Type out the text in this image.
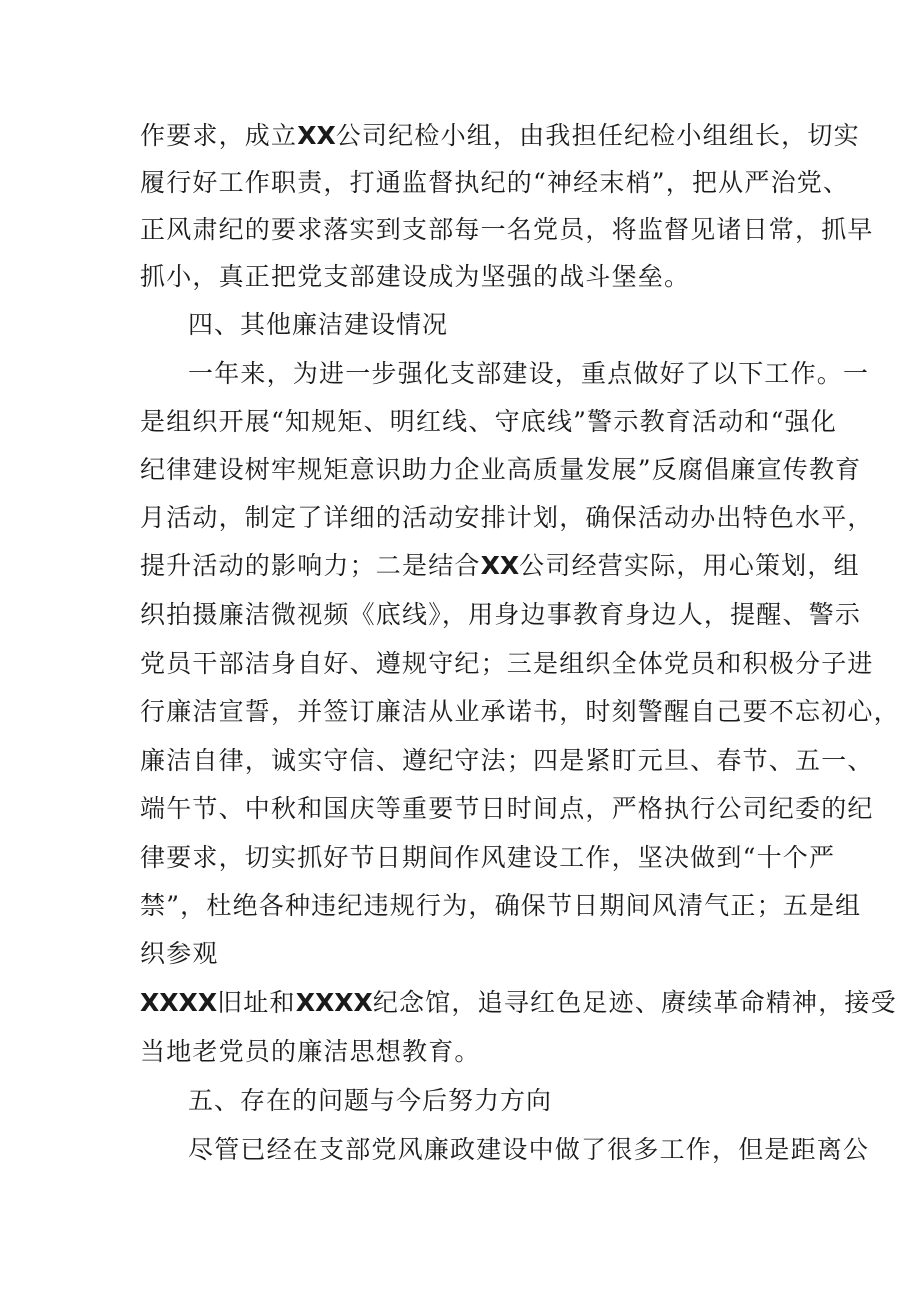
作要求，成立XX公司纪检小组，由我担任纪检小组组长，切实
履行好工作职责，打通监督执纪的“神经末梢”，把从严治党、
正风肃纪的要求落实到支部每一名党员，将监督见诸日常，抓早
抓小，真正把党支部建设成为坚强的战斗堡垒。
四、其他廉洁建设情况
一年来，为进一步强化支部建设，重点做好了以下工作。一
是组织开展“知规矩、明红线、守底线”警示教育活动和“强化
纪律建设树牢规矩意识助力企业高质量发展”反腐倡廉宣传教育
月活动，制定了详细的活动安排计划，确保活动办出特色水平，
提升活动的影响力；二是结合XX公司经营实际，用心策划，组
织拍摄廉洁微视频《底线》，用身边事教育身边人，提醒、警示
党员干部洁身自好、遵规守纪；三是组织全体党员和积极分子进
行廉洁宣誓，并签订廉洁从业承诺书，时刻警醒自己要不忘初心，
廉洁自律，诚实守信、遵纪守法；四是紧盯元旦、春节、五一、
端午节、中秋和国庆等重要节日时间点，严格执行公司纪委的纪
律要求，切实抓好节日期间作风建设工作，坚决做到“十个严
禁”，杜绝各种违纪违规行为，确保节日期间风清气正；五是组
织参观
XXXX旧址和XXXX纪念馆，追寻红色足迹、赓续革命精神，接受
当地老党员的廉洁思想教育。
五、存在的问题与今后努力方向
尽管已经在支部党风廉政建设中做了很多工作，但是距离公
